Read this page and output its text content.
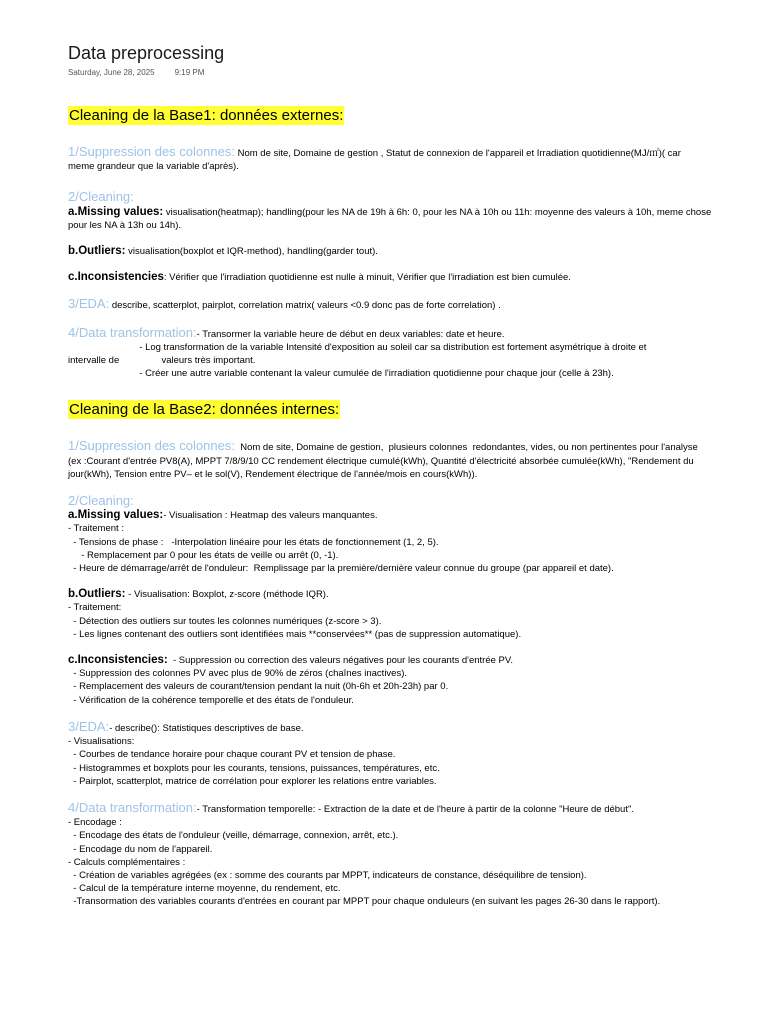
Data preprocessing
Saturday, June 28, 2025	9:19 PM
Cleaning de la Base1: données externes:
1/Suppression des colonnes: Nom de site, Domaine de gestion , Statut de connexion de l'appareil et Irradiation quotidienne(MJ/㎡)( car
meme grandeur que la variable d'après).
2/Cleaning:
a.Missing values: visualisation(heatmap); handling(pour les NA de 19h à 6h: 0, pour les NA à 10h ou 11h: moyenne des valeurs à 10h, meme chose
pour les NA à 13h ou 14h).
b.Outliers: visualisation(boxplot et IQR-method), handling(garder tout).
c.Inconsistencies: Vérifier que l'irradiation quotidienne est nulle à minuit, Vérifier que l'irradiation est bien cumulée.
3/EDA: describe, scatterplot, pairplot, correlation matrix( valeurs <0.9 donc pas de forte correlation) .
4/Data transformation:- Transormer la variable heure de début en deux variables: date et heure.
- Log transformation de la variable Intensité d'exposition au soleil car sa distribution est fortement asymétrique à droite et
intervalle de                valeurs très important.
- Créer une autre variable contenant la valeur cumulée de l'irradiation quotidienne pour chaque jour (celle à 23h).
Cleaning de la Base2: données internes:
1/Suppression des colonnes:  Nom de site, Domaine de gestion,  plusieurs colonnes  redondantes, vides, ou non pertinentes pour l'analyse
(ex :Courant d'entrée PV8(A), MPPT 7/8/9/10 CC rendement électrique cumulé(kWh), Quantité d'électricité absorbée cumulée(kWh), "Rendement du
jour(kWh), Tension entre PV– et le sol(V), Rendement électrique de l'année/mois en cours(kWh)).
2/Cleaning:
a.Missing values:- Visualisation : Heatmap des valeurs manquantes.
- Traitement :
- Tensions de phase :   -Interpolation linéaire pour les états de fonctionnement (1, 2, 5).
- Remplacement par 0 pour les états de veille ou arrêt (0, -1).
- Heure de démarrage/arrêt de l'onduleur:  Remplissage par la première/dernière valeur connue du groupe (par appareil et date).
b.Outliers: - Visualisation: Boxplot, z-score (méthode IQR).
- Traitement:
- Détection des outliers sur toutes les colonnes numériques (z-score > 3).
- Les lignes contenant des outliers sont identifiées mais **conservées** (pas de suppression automatique).
c.Inconsistencies:  - Suppression ou correction des valeurs négatives pour les courants d'entrée PV.
- Suppression des colonnes PV avec plus de 90% de zéros (chaînes inactives).
- Remplacement des valeurs de courant/tension pendant la nuit (0h-6h et 20h-23h) par 0.
- Vérification de la cohérence temporelle et des états de l'onduleur.
3/EDA:- describe(): Statistiques descriptives de base.
- Visualisations:
- Courbes de tendance horaire pour chaque courant PV et tension de phase.
- Histogrammes et boxplots pour les courants, tensions, puissances, températures, etc.
- Pairplot, scatterplot, matrice de corrélation pour explorer les relations entre variables.
4/Data transformation:- Transformation temporelle: - Extraction de la date et de l'heure à partir de la colonne "Heure de début".
- Encodage :
- Encodage des états de l'onduleur (veille, démarrage, connexion, arrêt, etc.).
- Encodage du nom de l'appareil.
- Calculs complémentaires :
- Création de variables agrégées (ex : somme des courants par MPPT, indicateurs de constance, déséquilibre de tension).
- Calcul de la température interne moyenne, du rendement, etc.
-Transormation des variables courants d'entrées en courant par MPPT pour chaque onduleurs (en suivant les pages 26-30 dans le rapport).
